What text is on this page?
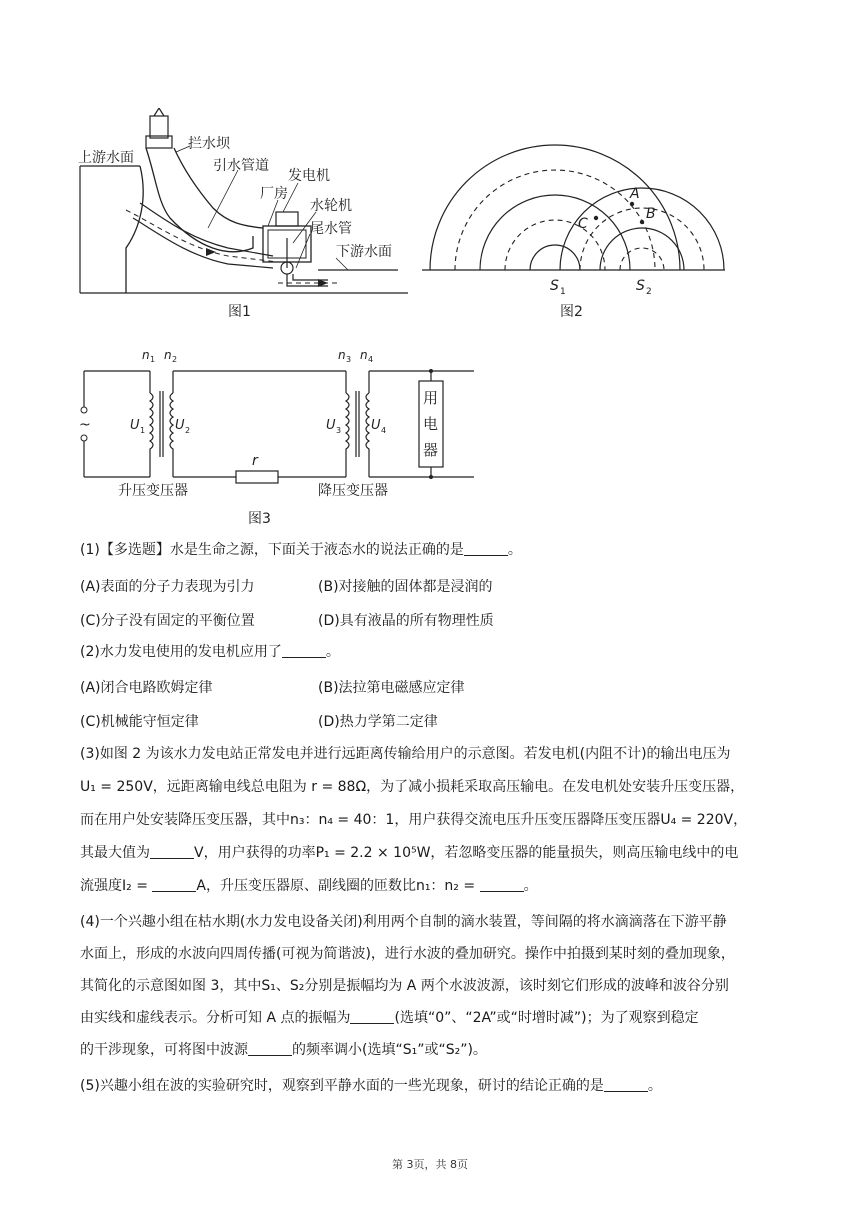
上游水面
拦水坝
引水管道
发电机
厂房
水轮机
尾水管
下游水面
图1
A
B
C
S 1	S 2
图2
~
r
用
电
器
n 1 n 2	n 3 n 4
U 1 U 2	U 3 U 4
升压变压器	降压变压器
图3
(1)【多选题】水是生命之源，下面关于液态水的说法正确的是	。
(A)表面的分子力表现为引力	(B)对接触的固体都是浸润的
(C)分子没有固定的平衡位置	(D)具有液晶的所有物理性质
(2)水力发电使用的发电机应用了	。
(A)闭合电路欧姆定律	(B)法拉第电磁感应定律
(C)机械能守恒定律	(D)热力学第二定律
(3)如图 2 为该水力发电站正常发电并进行远距离传输给用户的示意图。若发电机(内阻不计)的输出电压为
U₁ = 250V，远距离输电线总电阻为 r = 88Ω，为了减小损耗采取高压输电。在发电机处安装升压变压器，
而在用户处安装降压变压器，其中n₃：n₄ = 40：1，用户获得交流电压升压变压器降压变压器U₄ = 220V，
其最大值为	V，用户获得的功率P₁ = 2.2 × 10⁵W，若忽略变压器的能量损失，则高压输电线中的电
流强度I₂ =	A，升压变压器原、副线圈的匝数比n₁：n₂ =	。
(4)一个兴趣小组在枯水期(水力发电设备关闭)利用两个自制的滴水装置，等间隔的将水滴滴落在下游平静
水面上，形成的水波向四周传播(可视为简谐波)，进行水波的叠加研究。操作中拍摄到某时刻的叠加现象，
其简化的示意图如图 3，其中S₁、S₂分别是振幅均为 A 两个水波波源，该时刻它们形成的波峰和波谷分别
由实线和虚线表示。分析可知 A 点的振幅为	(选填“0”、“2A”或“时增时减”)；为了观察到稳定
的干涉现象，可将图中波源	的频率调小(选填“S₁”或“S₂”)。
(5)兴趣小组在波的实验研究时，观察到平静水面的一些光现象，研讨的结论正确的是	。
第 3页，共 8页
